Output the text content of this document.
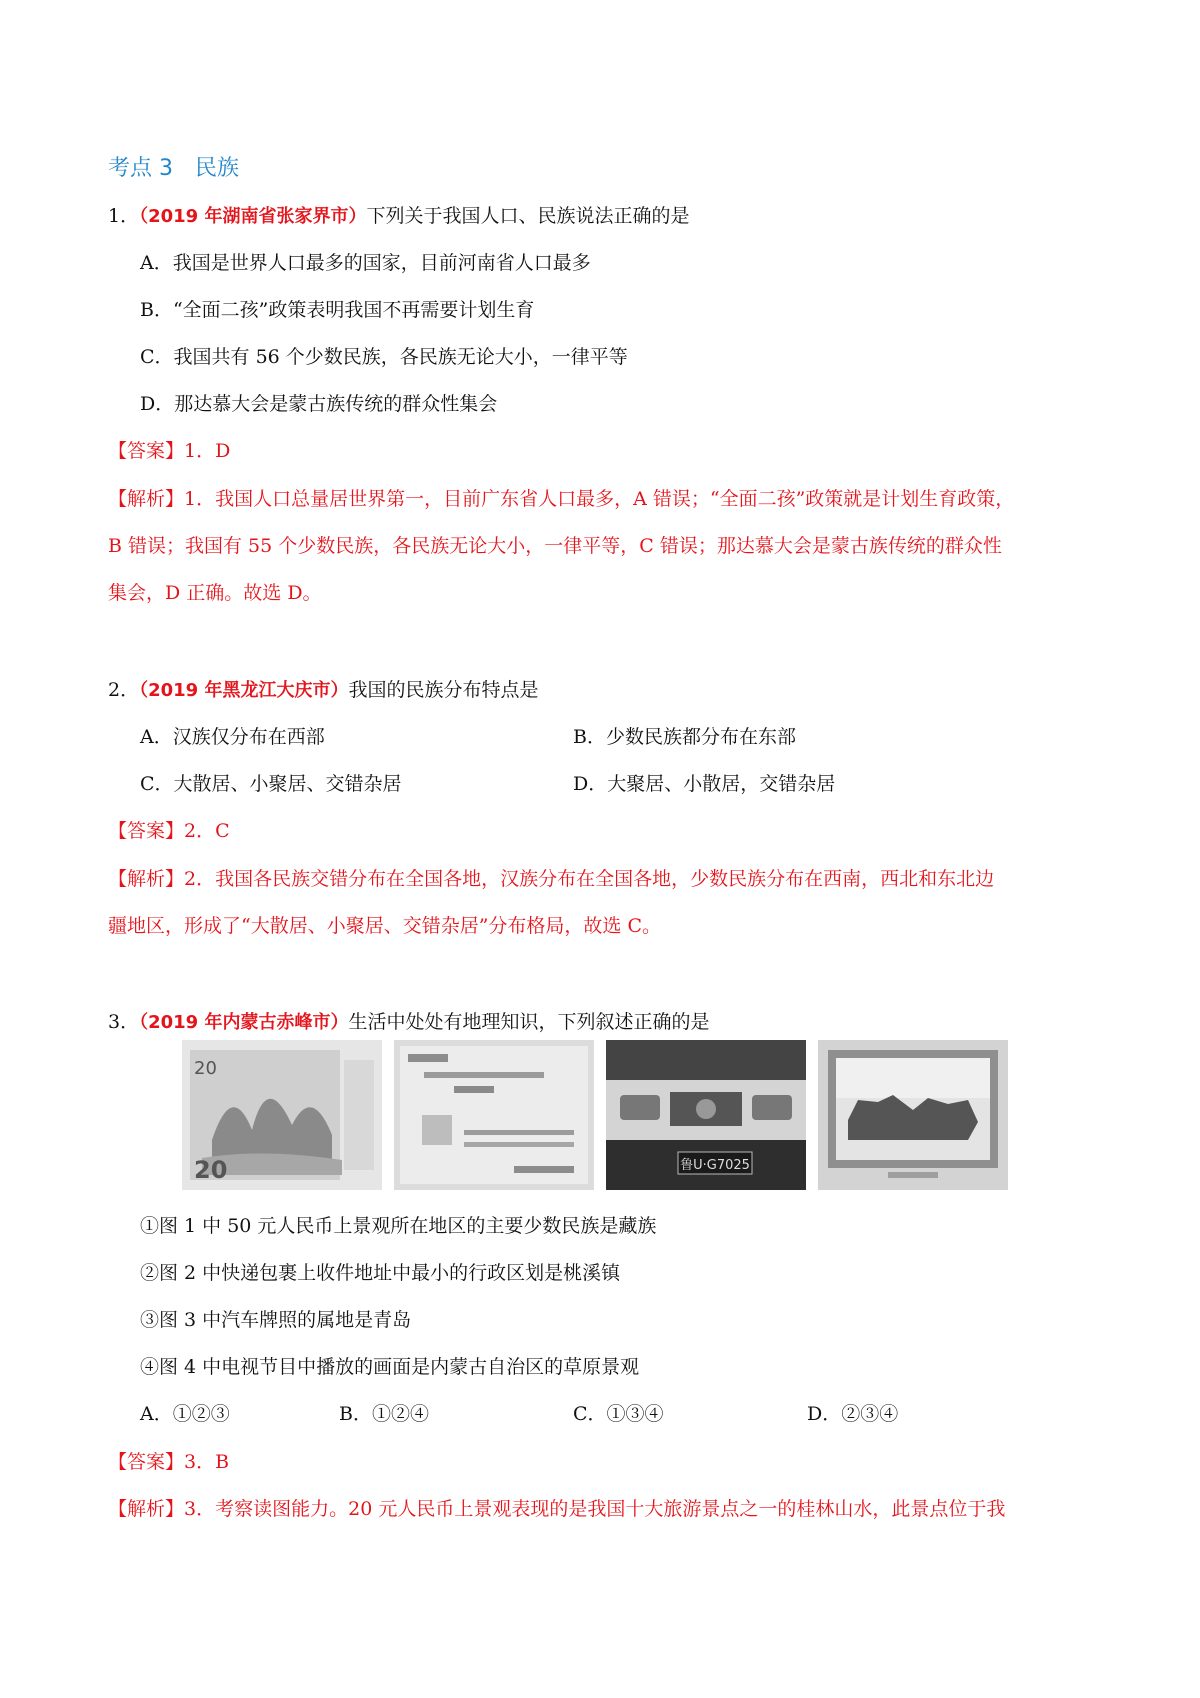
考点 3 民族
1．（2019 年湖南省张家界市）下列关于我国人口、民族说法正确的是
A．我国是世界人口最多的国家，目前河南省人口最多
B．“全面二孩”政策表明我国不再需要计划生育
C．我国共有 56 个少数民族，各民族无论大小，一律平等
D．那达慕大会是蒙古族传统的群众性集会
【答案】1．D
【解析】1．我国人口总量居世界第一，目前广东省人口最多，A 错误；“全面二孩”政策就是计划生育政策，
B 错误；我国有 55 个少数民族，各民族无论大小，一律平等，C 错误；那达慕大会是蒙古族传统的群众性
集会，D 正确。故选 D。
2．（2019 年黑龙江大庆市）我国的民族分布特点是
A．汉族仅分布在西部	B．少数民族都分布在东部
C．大散居、小聚居、交错杂居	D．大聚居、小散居，交错杂居
【答案】2．C
【解析】2．我国各民族交错分布在全国各地，汉族分布在全国各地，少数民族分布在西南，西北和东北边
疆地区，形成了“大散居、小聚居、交错杂居”分布格局，故选 C。
3．（2019 年内蒙古赤峰市）生活中处处有地理知识，下列叙述正确的是
20
20	鲁U·G7025
①图 1 中 50 元人民币上景观所在地区的主要少数民族是藏族
②图 2 中快递包裹上收件地址中最小的行政区划是桃溪镇
③图 3 中汽车牌照的属地是青岛
④图 4 中电视节目中播放的画面是内蒙古自治区的草原景观
A．①②③	B．①②④	C．①③④	D．②③④
【答案】3．B
【解析】3．考察读图能力。20 元人民币上景观表现的是我国十大旅游景点之一的桂林山水，此景点位于我
